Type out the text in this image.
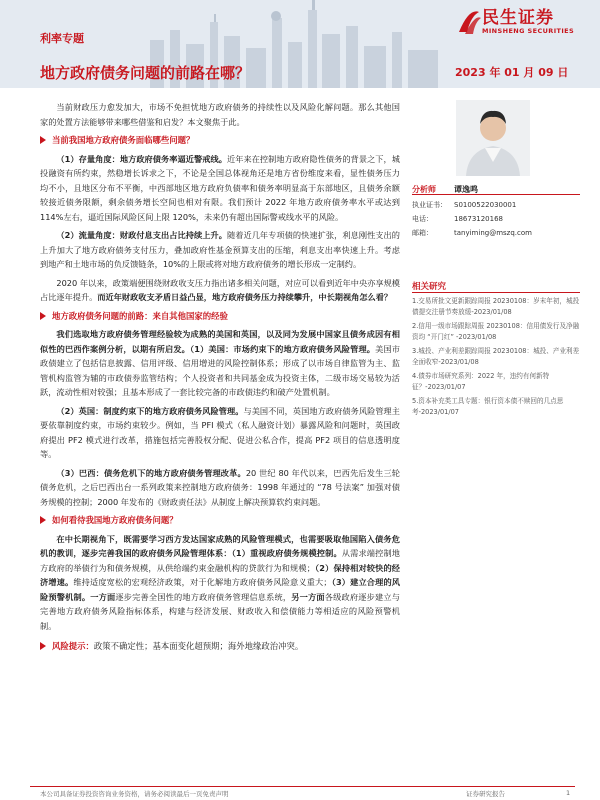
民生证券
MINSHENG SECURITIES
利率专题
地方政府债务问题的前路在哪？	2023 年 01 月 09 日

当前财政压力愈发加大，市场不免担忧地方政府债务的持续性以及风险化解问题。那么其他国家的处置方法能够带来哪些借鉴和启发？本文聚焦于此。

当前我国地方政府债务面临哪些问题？

（1）存量角度：地方政府债务率逼近警戒线。近年来在控制地方政府隐性债务的背景之下，城投融资有所约束，然稳增长诉求之下，不论是全国总体视角还是地方省份维度来看，显性债务压力均不小，且地区分布不平衡，中西部地区地方政府负债率和债务率明显高于东部地区，且债务余额较接近债务限额，剩余债务增长空间也相对有限。我们预计 2022 年地方政府债务率水平或达到 114%左右，逼近国际风险区间上限 120%，未来仍有超出国际警戒线水平的风险。

（2）流量角度：财政付息支出占比持续上升。随着近几年专项债的快速扩张，利息刚性支出的上升加大了地方政府债务支付压力，叠加政府性基金预算支出的压缩，利息支出率快速上升。考虑到地产和土地市场的负反馈链条，10%的上限或将对地方政府债务的增长形成一定制约。

2020 年以来，政策端便围绕财政收支压力指出诸多相关问题，对应可以看到近年中央亦享规模占比逐年提升。而近年财政收支矛盾日益凸显，地方政府债务压力持续攀升，中长期视角怎么看？

地方政府债务问题的前路：来自其他国家的经验

我们选取地方政府债务管理经验较为成熟的美国和英国，以及同为发展中国家且债务成因有相似性的巴西作案例分析，以期有所启发。（1）美国：市场约束下的地方政府债务风险管理。美国市政债建立了包括信息披露、信用评级、信用增进的风险控制体系；形成了以市场自律监管为主、监管机构监管为辅的市政债券监管结构；个人投资者和共同基金成为投资主体，二级市场交易较为活跃，流动性相对较强；且基本形成了一套比较完备的市政债违约和破产处置机制。

（2）英国：制度约束下的地方政府债务风险管理。与美国不同，英国地方政府债务风险管理主要依靠制度约束，市场约束较少。例如，当 PFI 模式（私人融资计划）暴露风险和问题时，英国政府提出 PF2 模式进行改革，措施包括完善股权分配、促进公私合作，提高 PF2 项目的信息透明度等。

（3）巴西：债务危机下的地方政府债务管理改革。20 世纪 80 年代以来，巴西先后发生三轮债务危机，之后巴西出台一系列政策来控制地方政府债务：1998 年通过的 “78 号法案” 加强对债务规模的控制；2000 年发布的《财政责任法》从制度上解决预算软约束问题。

如何看待我国地方政府债务问题？

在中长期视角下，既需要学习西方发达国家成熟的风险管理模式，也需要吸取他国陷入债务危机的教训，逐步完善我国的政府债务风险管理体系：（1）重视政府债务规模控制。从需求端控制地方政府的举债行为和债务规模，从供给端约束金融机构的贷款行为和规模；（2）保持相对较快的经济增速。维持适度宽松的宏观经济政策，对于化解地方政府债务风险意义重大；（3）建立合理的风险预警机制。一方面逐步完善全国性的地方政府债务管理信息系统，另一方面各级政府逐步建立与完善地方政府债务风险指标体系，构建与经济发展、财政收入和偿债能力等相适应的风险预警机制。

风险提示：政策不确定性；基本面变化超预期；海外地缘政治冲突。
分析师 谭逸鸣
执业证书： S0100522030001
电话：	18673120168
邮箱：	tanyiming@mszq.com
相关研究
1.交易所批文更新跟踪周报 20230108：岁末年初，城投债提交注册节奏放缓-2023/01/08
2.信用一级市场跟踪周报 20230108：信用债发行及净融资均 “开门红” -2023/01/08
3.城投、产业利差跟踪周报 20230108：城投、产业利差全面收窄-2023/01/08
4.债券市场研究系列：2022 年，违约有何新特征？-2023/01/07
5.资本补充类工具专题：银行资本债不赎回的几点思考-2023/01/07
本公司具备证券投资咨询业务资格，请务必阅读最后一页免责声明	证券研究报告	1
